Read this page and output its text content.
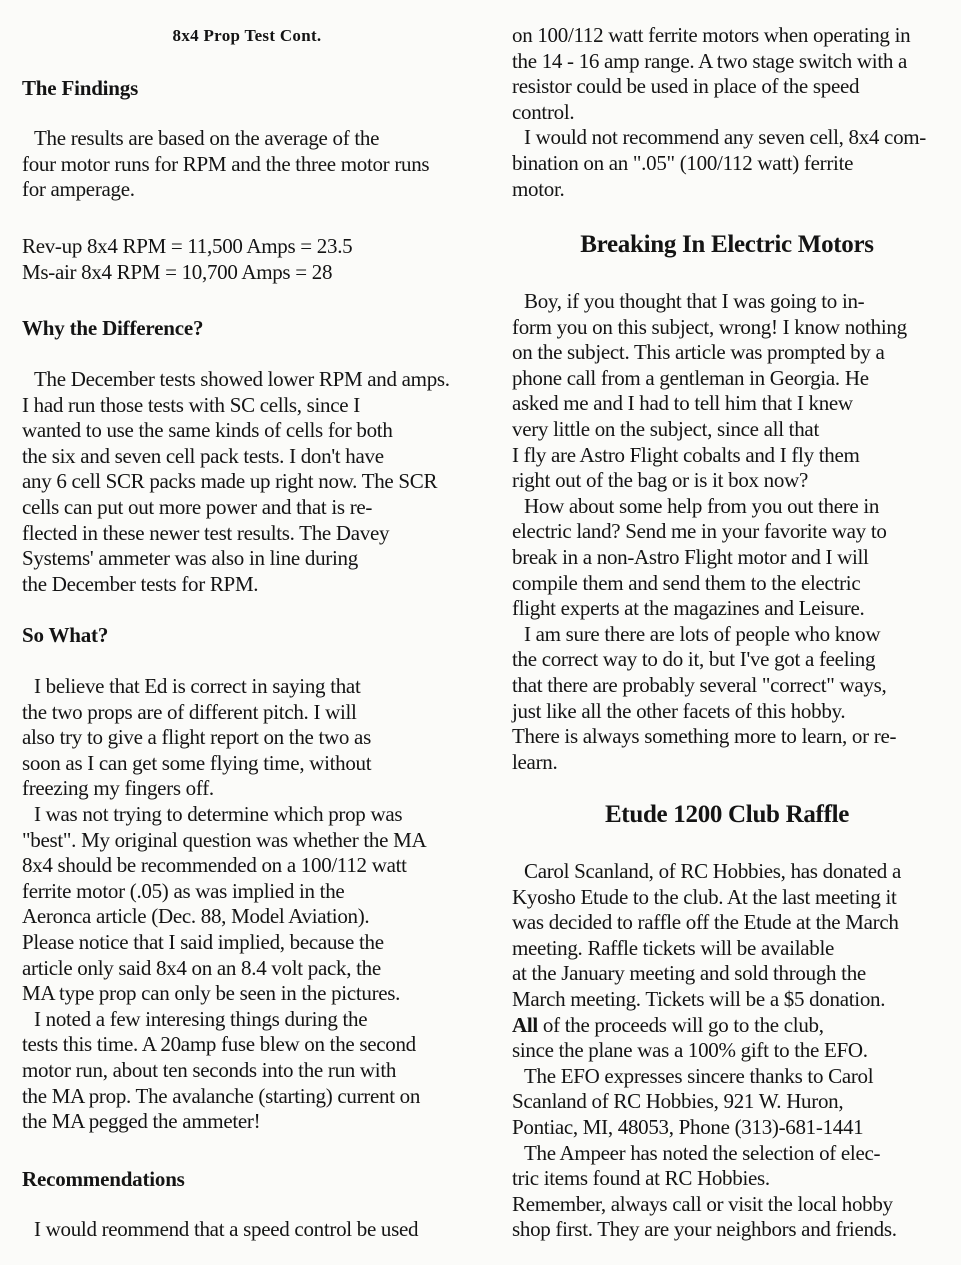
8x4 Prop Test Cont.
The Findings
The results are based on the average of the
four motor runs for RPM and the three motor runs
for amperage.
Rev-up 8x4 RPM = 11,500 Amps = 23.5
Ms-air 8x4 RPM = 10,700 Amps = 28
Why the Difference?
The December tests showed lower RPM and amps.
I had run those tests with SC cells, since I
wanted to use the same kinds of cells for both
the six and seven cell pack tests. I don't have
any 6 cell SCR packs made up right now. The SCR
cells can put out more power and that is re-
flected in these newer test results. The Davey
Systems' ammeter was also in line during
the December tests for RPM.
So What?
I believe that Ed is correct in saying that
the two props are of different pitch. I will
also try to give a flight report on the two as
soon as I can get some flying time, without
freezing my fingers off.
I was not trying to determine which prop was
"best". My original question was whether the MA
8x4 should be recommended on a 100/112 watt
ferrite motor (.05) as was implied in the
Aeronca article (Dec. 88, Model Aviation).
Please notice that I said implied, because the
article only said 8x4 on an 8.4 volt pack, the
MA type prop can only be seen in the pictures.
I noted a few interesing things during the
tests this time. A 20amp fuse blew on the second
motor run, about ten seconds into the run with
the MA prop. The avalanche (starting) current on
the MA pegged the ammeter!
Recommendations
I would reommend that a speed control be used
on 100/112 watt ferrite motors when operating in
the 14 - 16 amp range. A two stage switch with a
resistor could be used in place of the speed
control.
I would not recommend any seven cell, 8x4 com-
bination on an ".05" (100/112 watt) ferrite
motor.
Breaking In Electric Motors
Boy, if you thought that I was going to in-
form you on this subject, wrong! I know nothing
on the subject. This article was prompted by a
phone call from a gentleman in Georgia. He
asked me and I had to tell him that I knew
very little on the subject, since all that
I fly are Astro Flight cobalts and I fly them
right out of the bag or is it box now?
How about some help from you out there in
electric land? Send me in your favorite way to
break in a non-Astro Flight motor and I will
compile them and send them to the electric
flight experts at the magazines and Leisure.
I am sure there are lots of people who know
the correct way to do it, but I've got a feeling
that there are probably several "correct" ways,
just like all the other facets of this hobby.
There is always something more to learn, or re-
learn.
Etude 1200 Club Raffle
Carol Scanland, of RC Hobbies, has donated a
Kyosho Etude to the club. At the last meeting it
was decided to raffle off the Etude at the March
meeting. Raffle tickets will be available
at the January meeting and sold through the
March meeting. Tickets will be a $5 donation.
All of the proceeds will go to the club,
since the plane was a 100% gift to the EFO.
The EFO expresses sincere thanks to Carol
Scanland of RC Hobbies, 921 W. Huron,
Pontiac, MI, 48053, Phone (313)-681-1441
The Ampeer has noted the selection of elec-
tric items found at RC Hobbies.
Remember, always call or visit the local hobby
shop first. They are your neighbors and friends.
